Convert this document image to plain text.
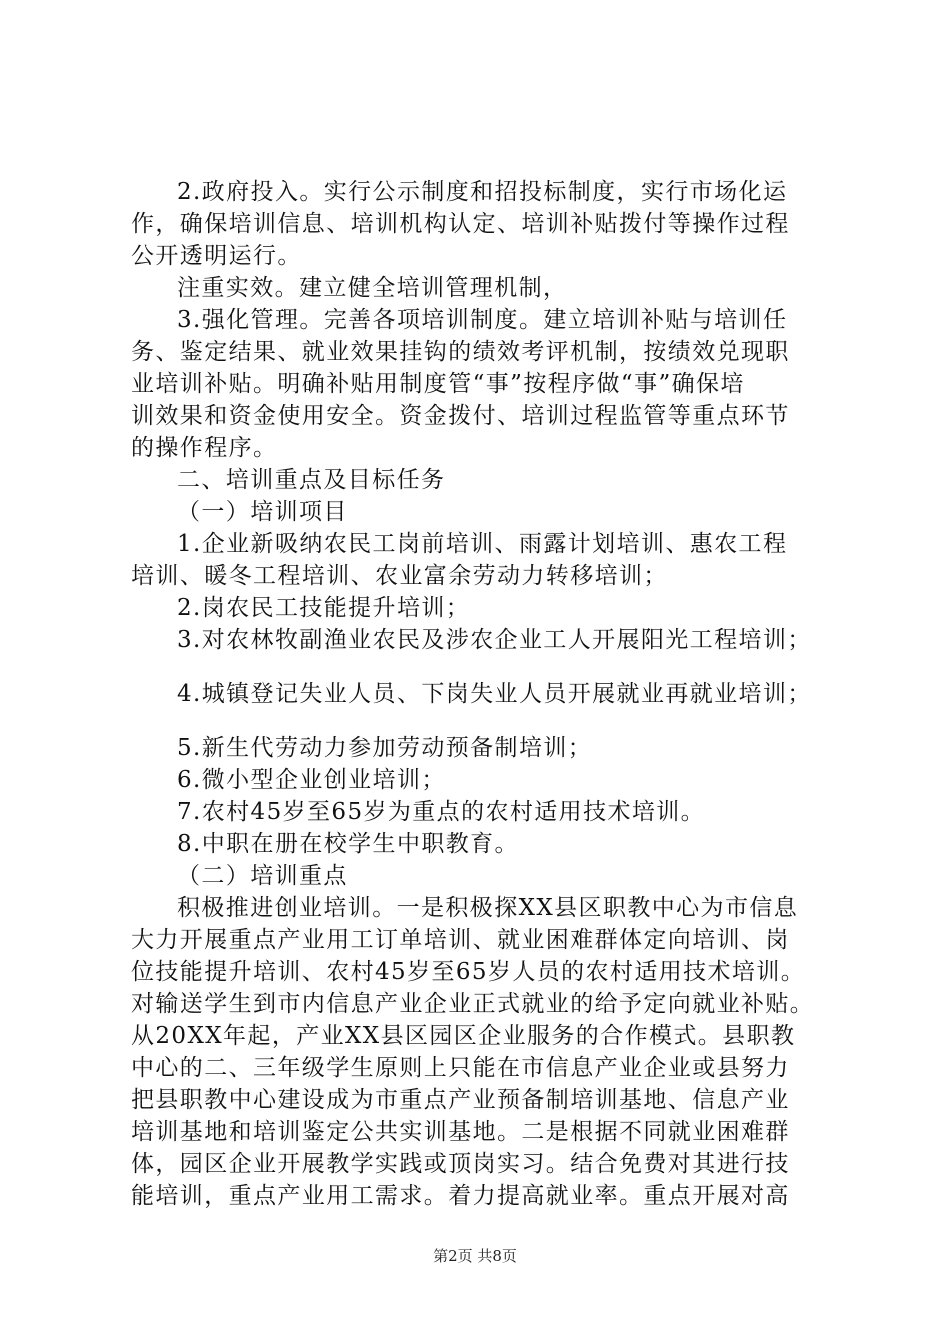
2.政府投入。实行公示制度和招投标制度，实行市场化运
作，确保培训信息、培训机构认定、培训补贴拨付等操作过程
公开透明运行。
注重实效。建立健全培训管理机制，
3.强化管理。完善各项培训制度。建立培训补贴与培训任
务、鉴定结果、就业效果挂钩的绩效考评机制，按绩效兑现职
业培训补贴。明确补贴用制度管“事”按程序做“事”确保培
训效果和资金使用安全。资金拨付、培训过程监管等重点环节
的操作程序。
二、培训重点及目标任务
（一）培训项目
1.企业新吸纳农民工岗前培训、雨露计划培训、惠农工程
培训、暖冬工程培训、农业富余劳动力转移培训；
2.岗农民工技能提升培训；
3.对农林牧副渔业农民及涉农企业工人开展阳光工程培训；
4.城镇登记失业人员、下岗失业人员开展就业再就业培训；
5.新生代劳动力参加劳动预备制培训；
6.微小型企业创业培训；
7.农村45岁至65岁为重点的农村适用技术培训。
8.中职在册在校学生中职教育。
（二）培训重点
积极推进创业培训。一是积极探XX县区职教中心为市信息
大力开展重点产业用工订单培训、就业困难群体定向培训、岗
位技能提升培训、农村45岁至65岁人员的农村适用技术培训。
对输送学生到市内信息产业企业正式就业的给予定向就业补贴。
从20XX年起，产业XX县区园区企业服务的合作模式。县职教
中心的二、三年级学生原则上只能在市信息产业企业或县努力
把县职教中心建设成为市重点产业预备制培训基地、信息产业
培训基地和培训鉴定公共实训基地。二是根据不同就业困难群
体，园区企业开展教学实践或顶岗实习。结合免费对其进行技
能培训，重点产业用工需求。着力提高就业率。重点开展对高
第2页 共8页
